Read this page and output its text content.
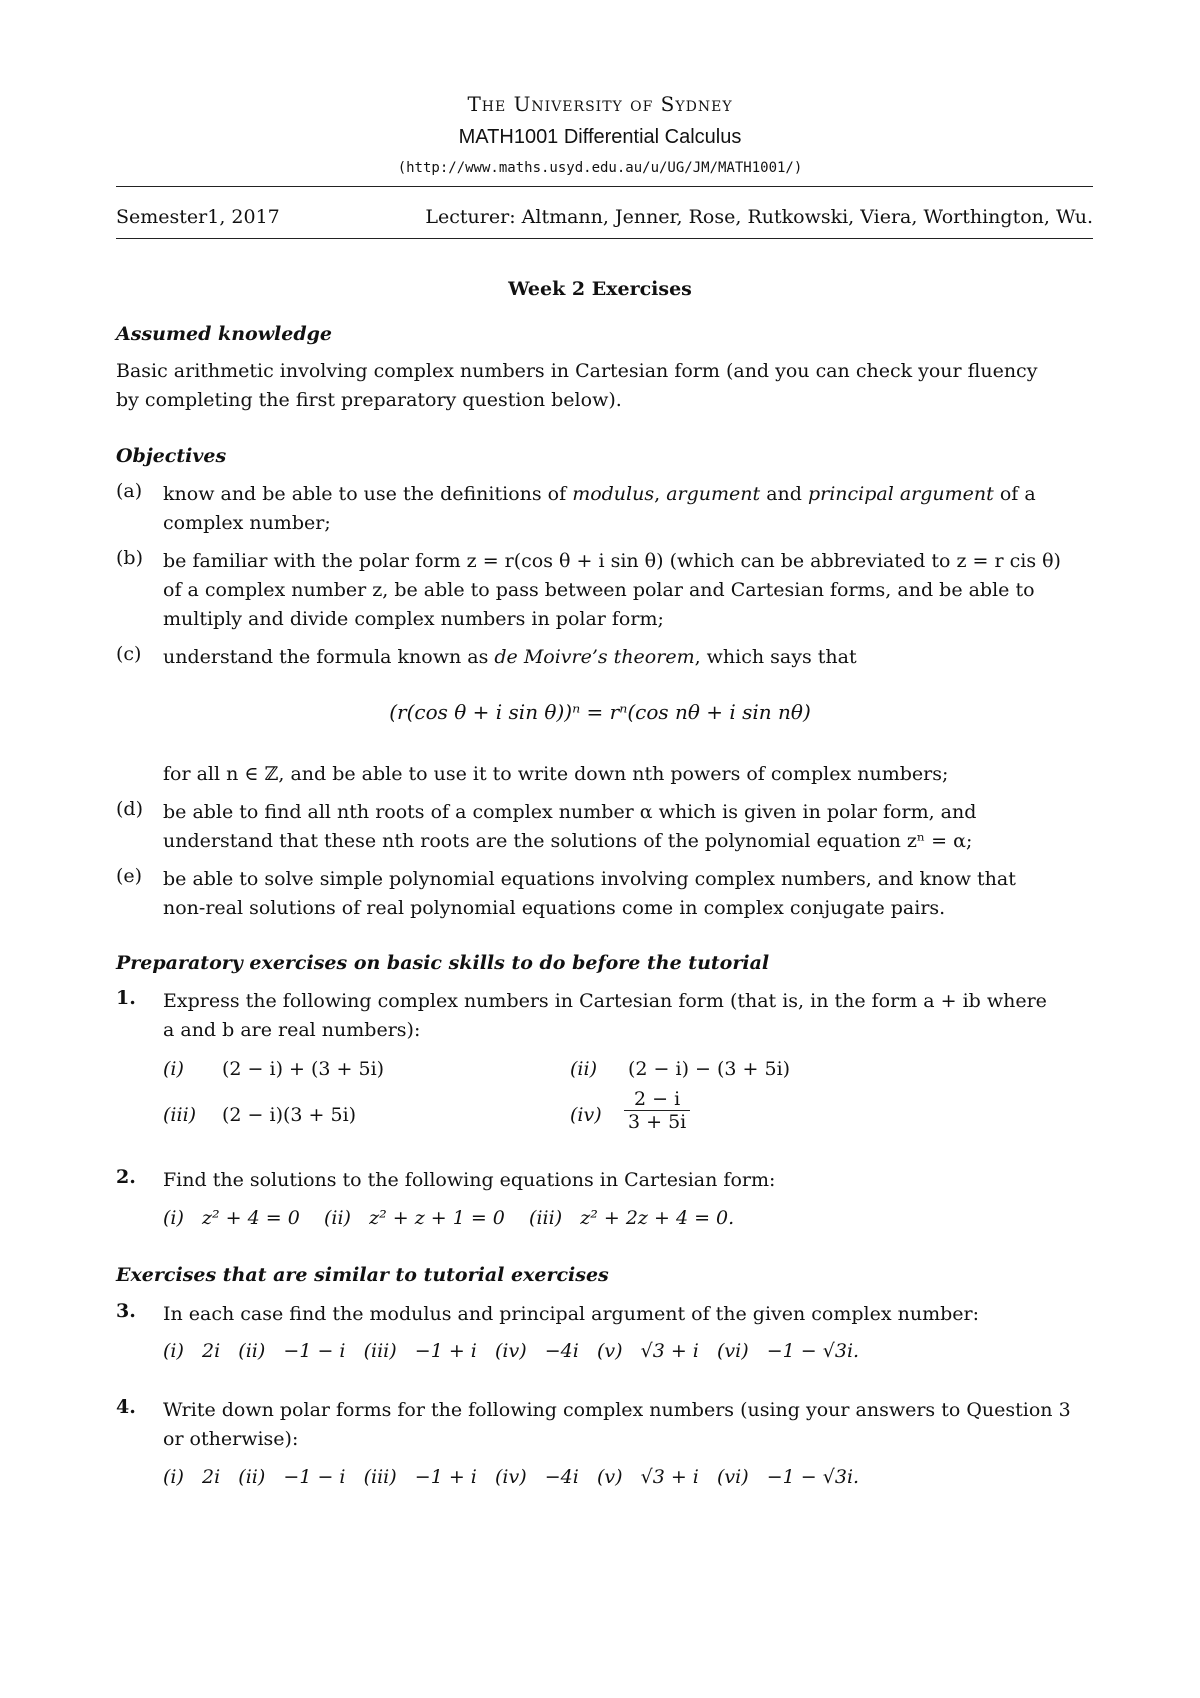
The University of Sydney
MATH1001 Differential Calculus
(http://www.maths.usyd.edu.au/u/UG/JM/MATH1001/)
Semester1, 2017	Lecturer: Altmann, Jenner, Rose, Rutkowski, Viera, Worthington, Wu.
Week 2 Exercises
Assumed knowledge
Basic arithmetic involving complex numbers in Cartesian form (and you can check your fluency
by completing the first preparatory question below).
Objectives
(a)	know and be able to use the definitions of modulus, argument and principal argument of a
complex number;
(b)	be familiar with the polar form z = r(cos θ + i sin θ) (which can be abbreviated to z = r cis θ)
of a complex number z, be able to pass between polar and Cartesian forms, and be able to
multiply and divide complex numbers in polar form;
(c)	understand the formula known as de Moivre’s theorem, which says that
(r(cos θ + i sin θ))ⁿ = rⁿ(cos nθ + i sin nθ)
for all n ∈ ℤ, and be able to use it to write down nth powers of complex numbers;
(d)	be able to find all nth roots of a complex number α which is given in polar form, and
understand that these nth roots are the solutions of the polynomial equation zⁿ = α;
(e)	be able to solve simple polynomial equations involving complex numbers, and know that
non-real solutions of real polynomial equations come in complex conjugate pairs.
Preparatory exercises on basic skills to do before the tutorial
1. Express the following complex numbers in Cartesian form (that is, in the form a + ib where
a and b are real numbers):
(i) (2 − i) + (3 + 5i)	(ii) (2 − i) − (3 + 5i)
(iii) (2 − i)(3 + 5i)	$(iv) \frac{2 - i}{3 + 5i}$
2. Find the solutions to the following equations in Cartesian form:
(i)   z² + 4 = 0    (ii)   z² + z + 1 = 0    (iii)   z² + 2z + 4 = 0.
Exercises that are similar to tutorial exercises
3. In each case find the modulus and principal argument of the given complex number:
(i)   2i   (ii)   −1 − i   (iii)   −1 + i   (iv)   −4i   (v)   √3 + i   (vi)   −1 − √3i.
4. Write down polar forms for the following complex numbers (using your answers to Question 3
or otherwise):
(i)   2i   (ii)   −1 − i   (iii)   −1 + i   (iv)   −4i   (v)   √3 + i   (vi)   −1 − √3i.
